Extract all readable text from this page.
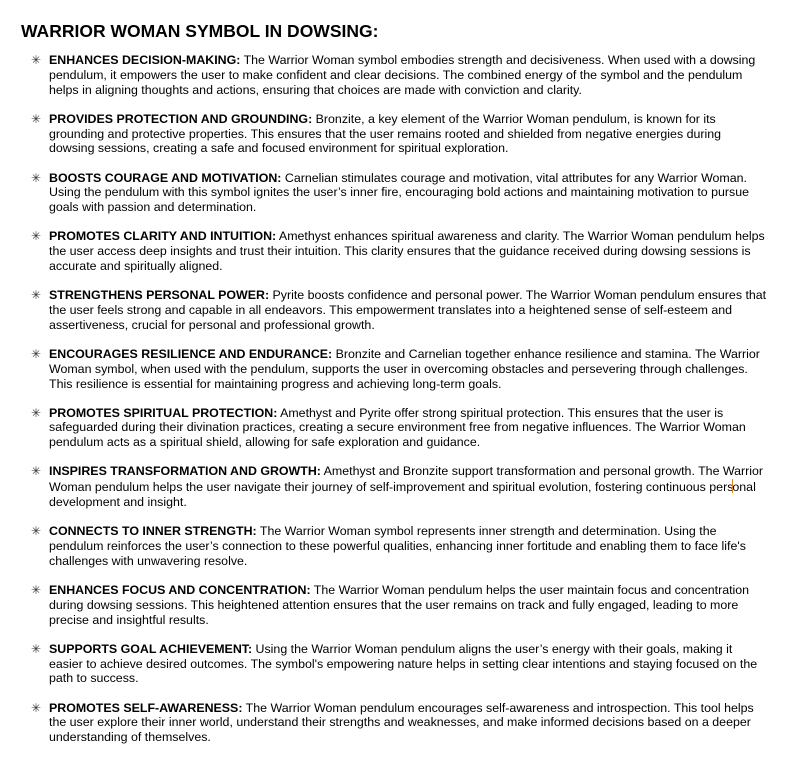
WARRIOR WOMAN SYMBOL IN DOWSING:
✳ ENHANCES DECISION-MAKING: The Warrior Woman symbol embodies strength and decisiveness. When used with a dowsing pendulum, it empowers the user to make confident and clear decisions. The combined energy of the symbol and the pendulum helps in aligning thoughts and actions, ensuring that choices are made with conviction and clarity.
✳ PROVIDES PROTECTION AND GROUNDING: Bronzite, a key element of the Warrior Woman pendulum, is known for its grounding and protective properties. This ensures that the user remains rooted and shielded from negative energies during dowsing sessions, creating a safe and focused environment for spiritual exploration.
✳ BOOSTS COURAGE AND MOTIVATION: Carnelian stimulates courage and motivation, vital attributes for any Warrior Woman. Using the pendulum with this symbol ignites the user’s inner fire, encouraging bold actions and maintaining motivation to pursue goals with passion and determination.
✳ PROMOTES CLARITY AND INTUITION: Amethyst enhances spiritual awareness and clarity. The Warrior Woman pendulum helps the user access deep insights and trust their intuition. This clarity ensures that the guidance received during dowsing sessions is accurate and spiritually aligned.
✳ STRENGTHENS PERSONAL POWER: Pyrite boosts confidence and personal power. The Warrior Woman pendulum ensures that the user feels strong and capable in all endeavors. This empowerment translates into a heightened sense of self-esteem and assertiveness, crucial for personal and professional growth.
✳ ENCOURAGES RESILIENCE AND ENDURANCE: Bronzite and Carnelian together enhance resilience and stamina. The Warrior Woman symbol, when used with the pendulum, supports the user in overcoming obstacles and persevering through challenges. This resilience is essential for maintaining progress and achieving long-term goals.
✳ PROMOTES SPIRITUAL PROTECTION: Amethyst and Pyrite offer strong spiritual protection. This ensures that the user is safeguarded during their divination practices, creating a secure environment free from negative influences. The Warrior Woman pendulum acts as a spiritual shield, allowing for safe exploration and guidance.
✳ INSPIRES TRANSFORMATION AND GROWTH: Amethyst and Bronzite support transformation and personal growth. The Warrior Woman pendulum helps the user navigate their journey of self-improvement and spiritual evolution, fostering continuous personal development and insight.
✳ CONNECTS TO INNER STRENGTH: The Warrior Woman symbol represents inner strength and determination. Using the pendulum reinforces the user’s connection to these powerful qualities, enhancing inner fortitude and enabling them to face life's challenges with unwavering resolve.
✳ ENHANCES FOCUS AND CONCENTRATION: The Warrior Woman pendulum helps the user maintain focus and concentration during dowsing sessions. This heightened attention ensures that the user remains on track and fully engaged, leading to more precise and insightful results.
✳ SUPPORTS GOAL ACHIEVEMENT: Using the Warrior Woman pendulum aligns the user’s energy with their goals, making it easier to achieve desired outcomes. The symbol's empowering nature helps in setting clear intentions and staying focused on the path to success.
✳ PROMOTES SELF-AWARENESS: The Warrior Woman pendulum encourages self-awareness and introspection. This tool helps the user explore their inner world, understand their strengths and weaknesses, and make informed decisions based on a deeper understanding of themselves.
